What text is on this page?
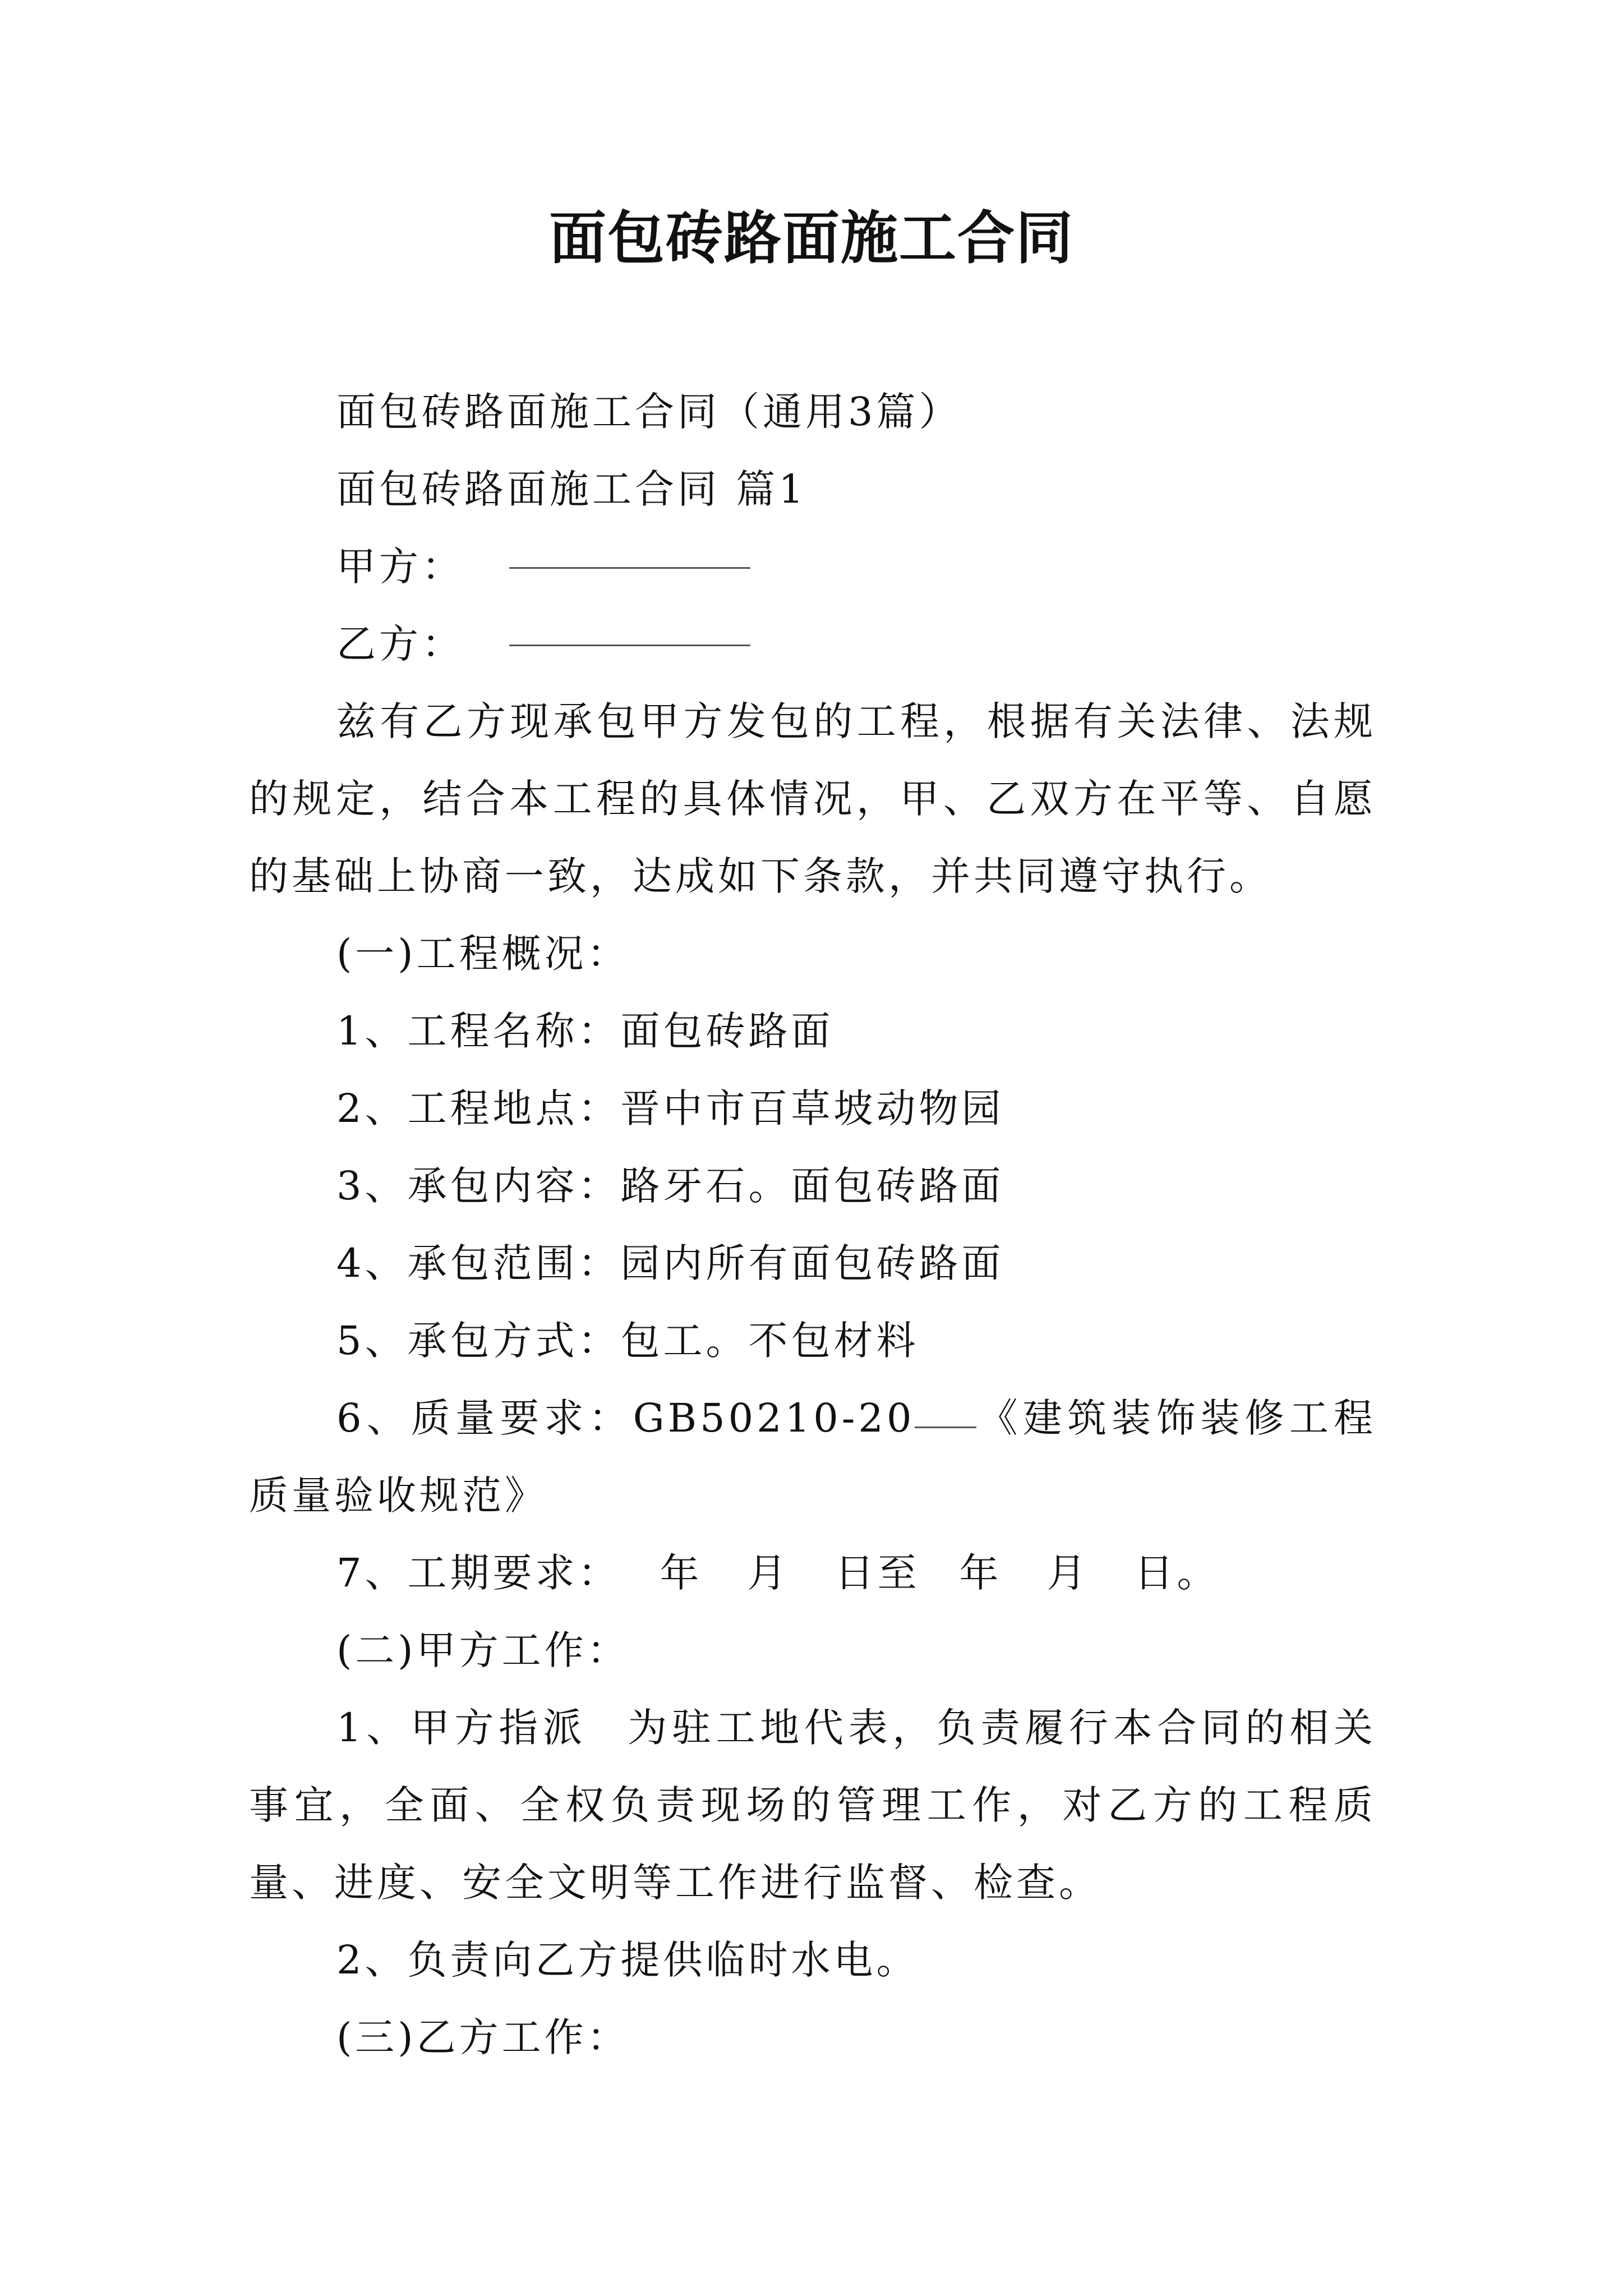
面包砖路面施工合同

面包砖路面施工合同（通用3篇）

面包砖路面施工合同 篇1

甲方：

乙方：

兹有乙方现承包甲方发包的工程，根据有关法律、法规的规定，结合本工程的具体情况，甲、乙双方在平等、自愿的基础上协商一致，达成如下条款，并共同遵守执行。

(一)工程概况：

1、工程名称：面包砖路面

2、工程地点：晋中市百草坡动物园

3、承包内容：路牙石。面包砖路面

4、承包范围：园内所有面包砖路面

5、承包方式：包工。不包材料

6、质量要求：GB50210-20 《建筑装饰装修工程质量验收规范》

7、工期要求： 年 月 日至 年 月 日。

(二)甲方工作：

1、甲方指派 为驻工地代表，负责履行本合同的相关事宜，全面、全权负责现场的管理工作，对乙方的工程质量、进度、安全文明等工作进行监督、检查。

2、负责向乙方提供临时水电。

(三)乙方工作：
